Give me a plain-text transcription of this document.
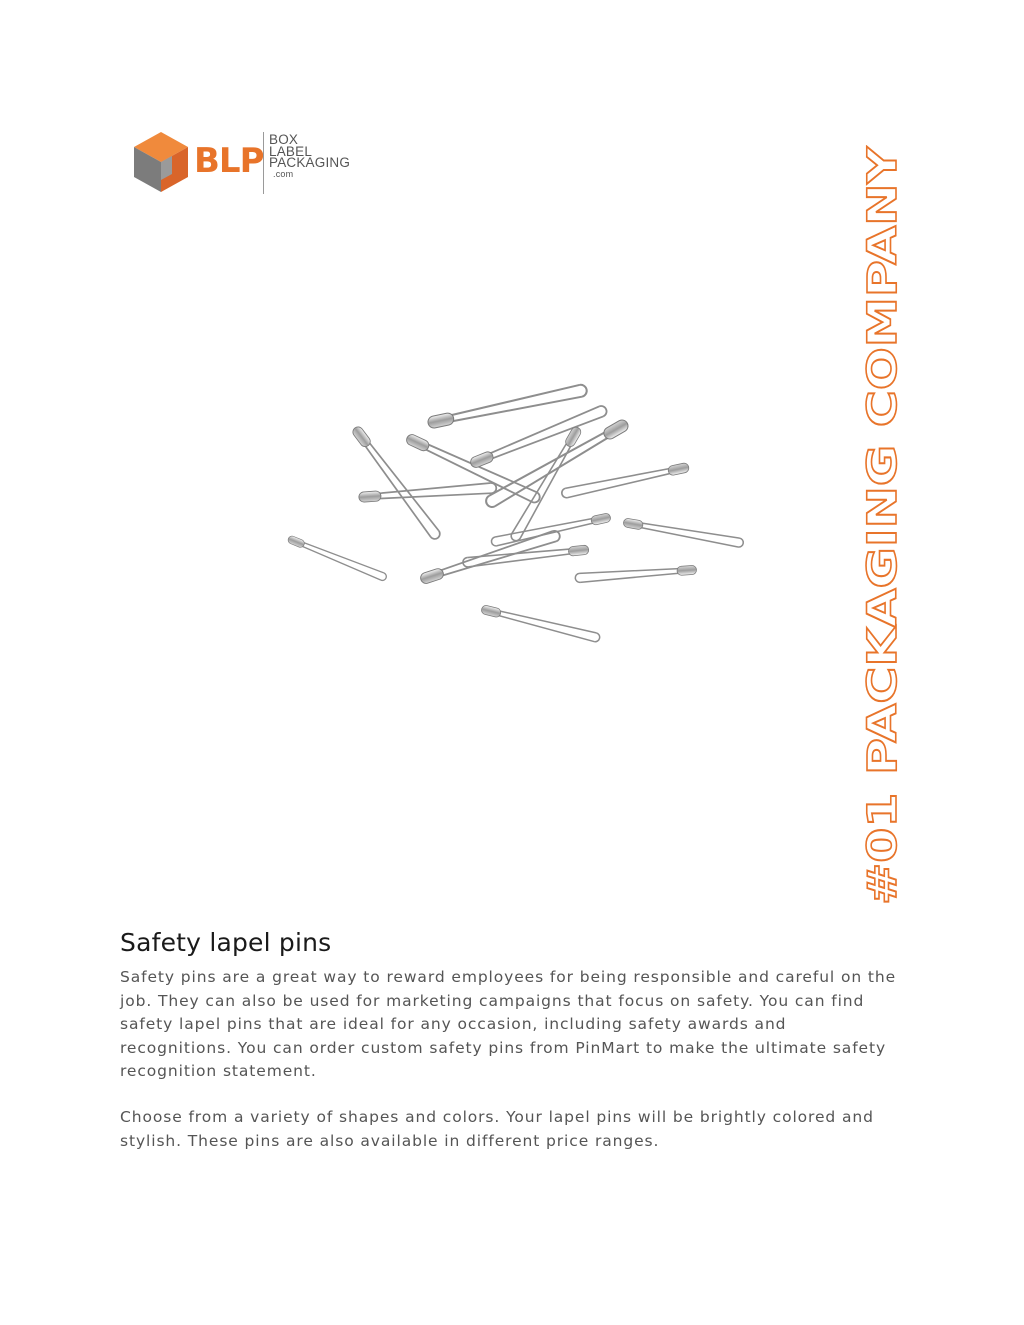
BLP
BOX
LABEL
PACKAGING
.com
#01 PACKAGING COMPANY
Safety lapel pins

Safety pins are a great way to reward employees for being responsible and careful on the job. They can also be used for marketing campaigns that focus on safety. You can find safety lapel pins that are ideal for any occasion, including safety awards and recognitions. You can order custom safety pins from PinMart to make the ultimate safety recognition statement.

Choose from a variety of shapes and colors. Your lapel pins will be brightly colored and stylish. These pins are also available in different price ranges.
